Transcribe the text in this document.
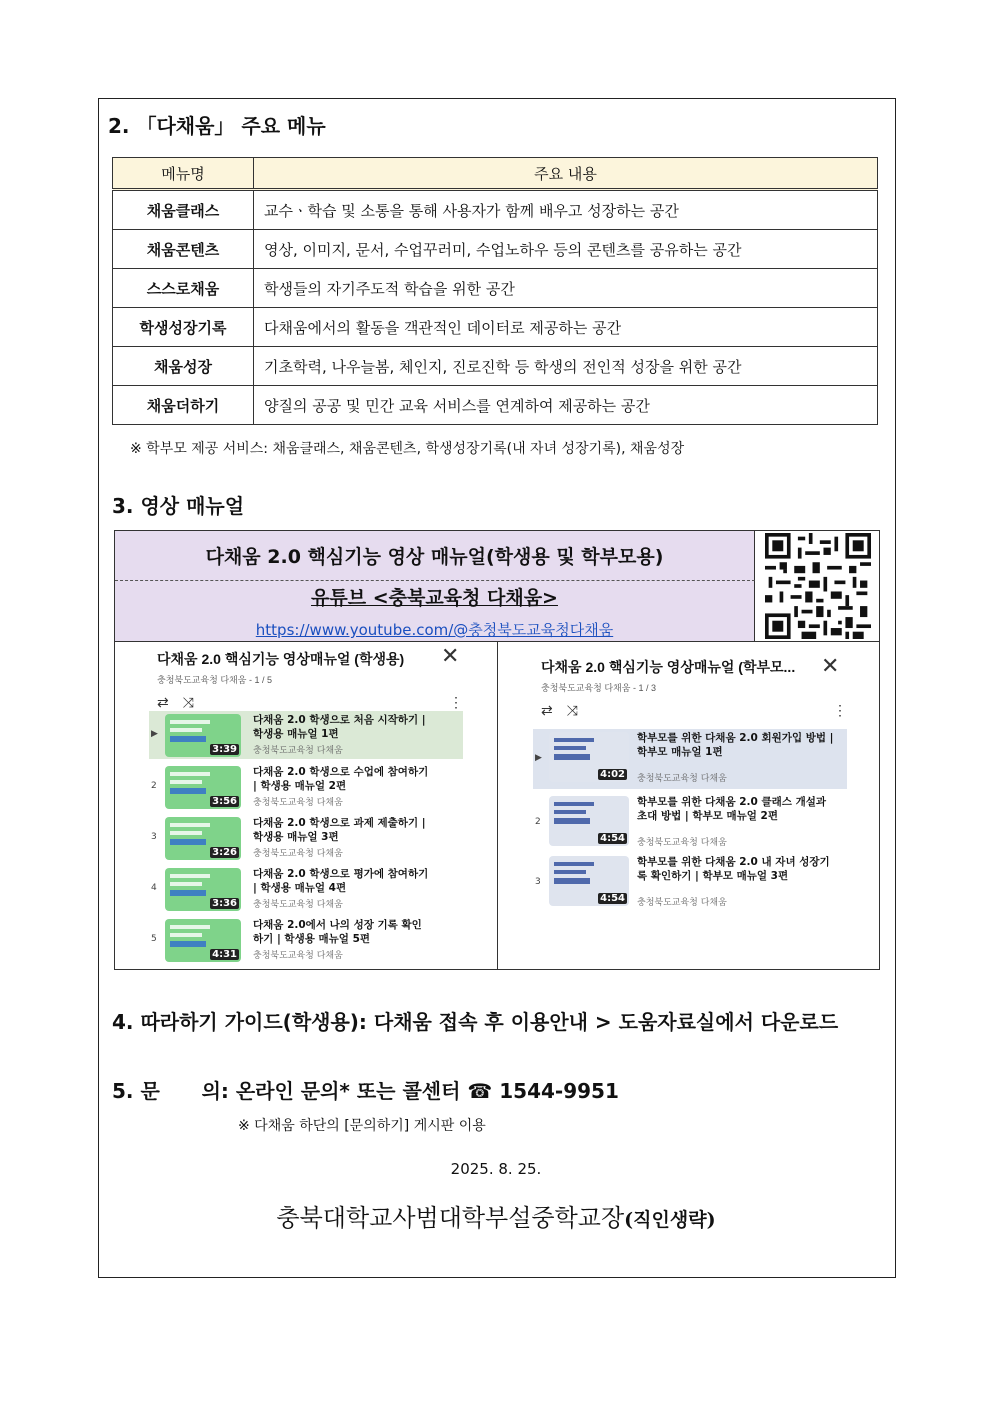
2. 「다채움」 주요 메뉴
메뉴명	주요 내용
채움클래스	교수ㆍ학습 및 소통을 통해 사용자가 함께 배우고 성장하는 공간
채움콘텐츠	영상, 이미지, 문서, 수업꾸러미, 수업노하우 등의 콘텐츠를 공유하는 공간
스스로채움	학생들의 자기주도적 학습을 위한 공간
학생성장기록	다채움에서의 활동을 객관적인 데이터로 제공하는 공간
채움성장	기초학력, 나우늘봄, 체인지, 진로진학 등 학생의 전인적 성장을 위한 공간
채움더하기	양질의 공공 및 민간 교육 서비스를 연계하여 제공하는 공간
※ 학부모 제공 서비스: 채움클래스, 채움콘텐츠, 학생성장기록(내 자녀 성장기록), 채움성장
3. 영상 매뉴얼
다채움 2.0 핵심기능 영상 매뉴얼(학생용 및 학부모용)
유튜브 <충북교육청 다채움>
https://www.youtube.com/@충청북도교육청다채움
다채움 2.0 핵심기능 영상매뉴얼 (학생용)
충청북도교육청 다채움 - 1 / 5
⇄ ⤨	⋮
✕
▶
3:39
다채움 2.0 학생으로 처음 시작하기 | 학생용 매뉴얼 1편
충청북도교육청 다채움
2
3:56
다채움 2.0 학생으로 수업에 참여하기 | 학생용 매뉴얼 2편
충청북도교육청 다채움
3
3:26
다채움 2.0 학생으로 과제 제출하기 | 학생용 매뉴얼 3편
충청북도교육청 다채움
4
3:36
다채움 2.0 학생으로 평가에 참여하기 | 학생용 매뉴얼 4편
충청북도교육청 다채움
5
4:31
다채움 2.0에서 나의 성장 기록 확인하기 | 학생용 매뉴얼 5편
충청북도교육청 다채움
다채움 2.0 핵심기능 영상매뉴얼 (학부모...
충청북도교육청 다채움 - 1 / 3
⇄ ⤨	⋮
✕
▶
4:02
학부모를 위한 다채움 2.0 회원가입 방법 | 학부모 매뉴얼 1편
충청북도교육청 다채움
2
4:54
학부모를 위한 다채움 2.0 클래스 개설과 초대 방법 | 학부모 매뉴얼 2편
충청북도교육청 다채움
3
4:54
학부모를 위한 다채움 2.0 내 자녀 성장기록 확인하기 | 학부모 매뉴얼 3편
충청북도교육청 다채움
4. 따라하기 가이드(학생용): 다채움 접속 후 이용안내 > 도움자료실에서 다운로드
5. 문      의: 온라인 문의* 또는 콜센터 ☎ 1544-9951
※ 다채움 하단의 [문의하기] 게시판 이용
2025. 8. 25.
충북대학교사범대학부설중학교장(직인생략)
